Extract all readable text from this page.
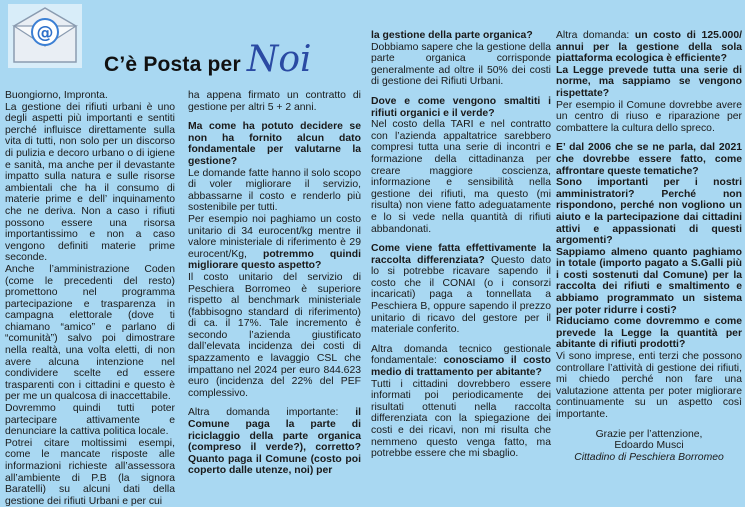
@
C’è Posta per Noi

Buongiorno, Impronta.

La gestione dei rifiuti urbani è uno degli aspetti più importanti e sentiti perché influisce direttamente sulla vita di tutti, non solo per un discorso di pulizia e decoro urbano o di igiene e sanità, ma anche per il devastante impatto sulla natura e sulle risorse ambientali che ha il consumo di materie prime e dell’ inquinamento che ne deriva. Non a caso i rifiuti possono essere una risorsa importantissimo e non a caso vengono definiti materie prime seconde.

Anche l’amministrazione Coden (come le precedenti del resto) promettono nel programma partecipazione e trasparenza in campagna elettorale (dove ti chiamano “amico” e parlano di “comunità”) salvo poi dimostrare nella realtà, una volta eletti, di non avere alcuna intenzione nel condividere scelte ed essere trasparenti con i cittadini e questo è per me un qualcosa di inaccettabile.

Dovremmo quindi tutti poter partecipare attivamente e denunciare la cattiva politica locale.

Potrei citare moltissimi esempi, come le mancate risposte alle informazioni richieste all’assessora all’ambiente di P.B (la signora Baratelli) su alcuni dati della gestione dei rifiuti Urbani e per cui

ha appena firmato un contratto di gestione per altri 5 + 2 anni.

Ma come ha potuto decidere se non ha fornito alcun dato fondamentale per valutarne la gestione?

Le domande fatte hanno il solo scopo di voler migliorare il servizio, abbassarne il costo e renderlo più sostenibile per tutti.

Per esempio noi paghiamo un costo unitario di 34 eurocent/kg mentre il valore ministeriale di riferimento è 29 eurocent/Kg, potremmo quindi migliorare questo aspetto?

Il costo unitario del servizio di Peschiera Borromeo è superiore rispetto al benchmark ministeriale (fabbisogno standard di riferimento) di ca. il 17%. Tale incremento è secondo l’azienda giustificato dall’elevata incidenza dei costi di spazzamento e lavaggio CSL che impattano nel 2024 per euro 844.623 euro (incidenza del 22% del PEF complessivo.

Altra domanda importante: il Comune paga la parte di riciclaggio della parte organica (compreso il verde?), corretto? Quanto paga il Comune (costo poi coperto dalle utenze, noi) per

la gestione della parte organica?

Dobbiamo sapere che la gestione della parte organica corrisponde generalmente ad oltre il 50% dei costi di gestione dei Rifiuti Urbani.

Dove e come vengono smaltiti i rifiuti organici e il verde?

Nel costo della TARI e nel contratto con l’azienda appaltatrice sarebbero compresi tutta una serie di incontri e formazione della cittadinanza per creare maggiore coscienza, informazione e sensibilità nella gestione dei rifiuti, ma questo (mi risulta) non viene fatto adeguatamente e lo si vede nella quantità di rifiuti abbandonati.

Come viene fatta effettivamente la raccolta differenziata? Questo dato lo si potrebbe ricavare sapendo il costo che il CONAI (o i consorzi incaricati) paga a tonnellata a Peschiera B, oppure sapendo il prezzo unitario di ricavo del gestore per il materiale conferito.

Altra domanda tecnico gestionale fondamentale: conosciamo il costo medio di trattamento per abitante?

Tutti i cittadini dovrebbero essere informati poi periodicamente dei risultati ottenuti nella raccolta differenziata con la spiegazione dei costi e dei ricavi, non mi risulta che nemmeno questo venga fatto, ma potrebbe essere che mi sbaglio.

Altra domanda: un costo di 125.000/ annui per la gestione della sola piattaforma ecologica è efficiente?

La Legge prevede tutta una serie di norme, ma sappiamo se vengono rispettate?

Per esempio il Comune dovrebbe avere un centro di riuso e riparazione per combattere la cultura dello spreco.

E’ dal 2006 che se ne parla, dal 2021 che dovrebbe essere fatto, come affrontare queste tematiche?

Sono importanti per i nostri amministratori? Perché non rispondono, perché non vogliono un aiuto e la partecipazione dai cittadini attivi e appassionati di questi argomenti?

Sappiamo almeno quanto paghiamo in totale (importo pagato a S.Galli più i costi sostenuti dal Comune) per la raccolta dei rifiuti e smaltimento e abbiamo programmato un sistema per poter ridurre i costi?

Riduciamo come dovremmo e come prevede la Legge la quantità per abitante di rifiuti prodotti?

Vi sono imprese, enti terzi che possono controllare l’attività di gestione dei rifiuti, mi chiedo perché non fare una valutazione attenta per poter migliorare continuamente su un aspetto così importante.

Grazie per l’attenzione,
Edoardo Musci
Cittadino di Peschiera Borromeo
